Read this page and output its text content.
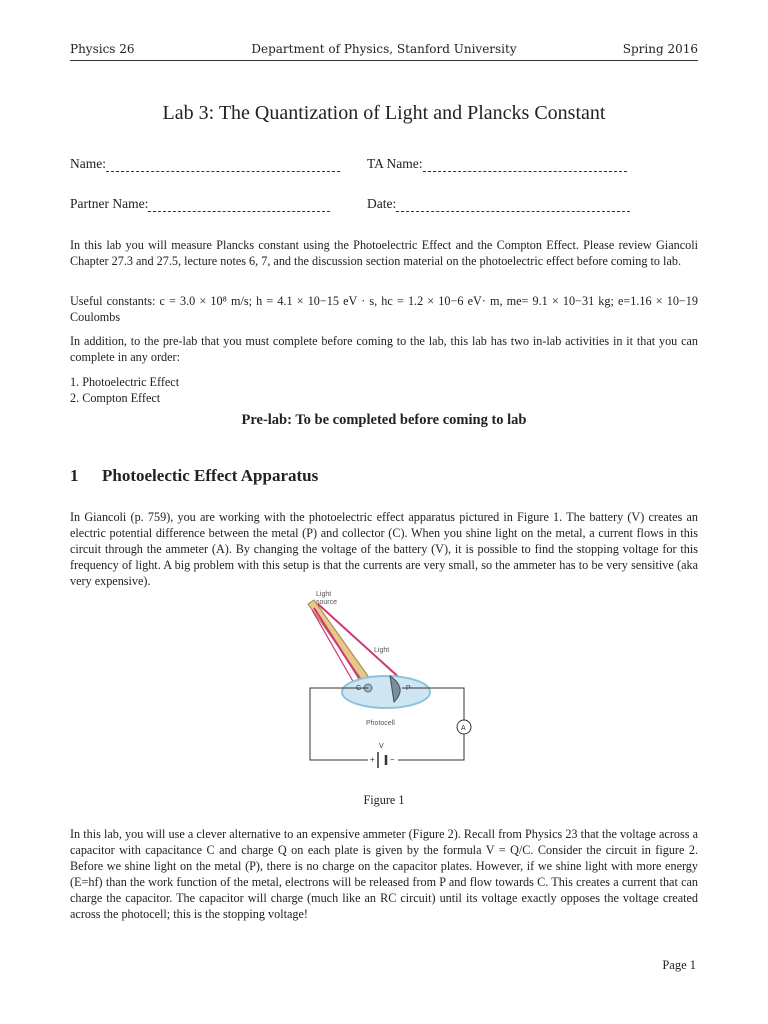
Physics 26	Department of Physics, Stanford University	Spring 2016
Lab 3: The Quantization of Light and Plancks Constant
Name:	TA Name:
Partner Name:	Date:
In this lab you will measure Plancks constant using the Photoelectric Effect and the Compton Effect. Please review Giancoli Chapter 27.3 and 27.5, lecture notes 6, 7, and the discussion section material on the photoelectric effect before coming to lab.
Useful constants: c = 3.0 × 10⁸ m/s; h = 4.1 × 10−15 eV · s, hc = 1.2 × 10−6 eV· m, me= 9.1 × 10−31 kg; e=1.16 × 10−19 Coulombs
In addition, to the pre-lab that you must complete before coming to the lab, this lab has two in-lab activities in it that you can complete in any order:
1. Photoelectric Effect
2. Compton Effect
Pre-lab: To be completed before coming to lab
1 Photoelectic Effect Apparatus
In Giancoli (p. 759), you are working with the photoelectric effect apparatus pictured in Figure 1. The battery (V) creates an electric potential difference between the metal (P) and collector (C). When you shine light on the metal, a current flows in this circuit through the ammeter (A). By changing the voltage of the battery (V), it is possible to find the stopping voltage for this frequency of light. A big problem with this setup is that the currents are very small, so the ammeter has to be very sensitive (aka very expensive).
Light
source
Light
C	P
Photocell
A
V
+ −
Figure 1
In this lab, you will use a clever alternative to an expensive ammeter (Figure 2). Recall from Physics 23 that the voltage across a capacitor with capacitance C and charge Q on each plate is given by the formula V = Q/C. Consider the circuit in figure 2. Before we shine light on the metal (P), there is no charge on the capacitor plates. However, if we shine light with more energy (E=hf) than the work function of the metal, electrons will be released from P and flow towards C. This creates a current that can charge the capacitor. The capacitor will charge (much like an RC circuit) until its voltage exactly opposes the voltage created across the photocell; this is the stopping voltage!
Page 1
